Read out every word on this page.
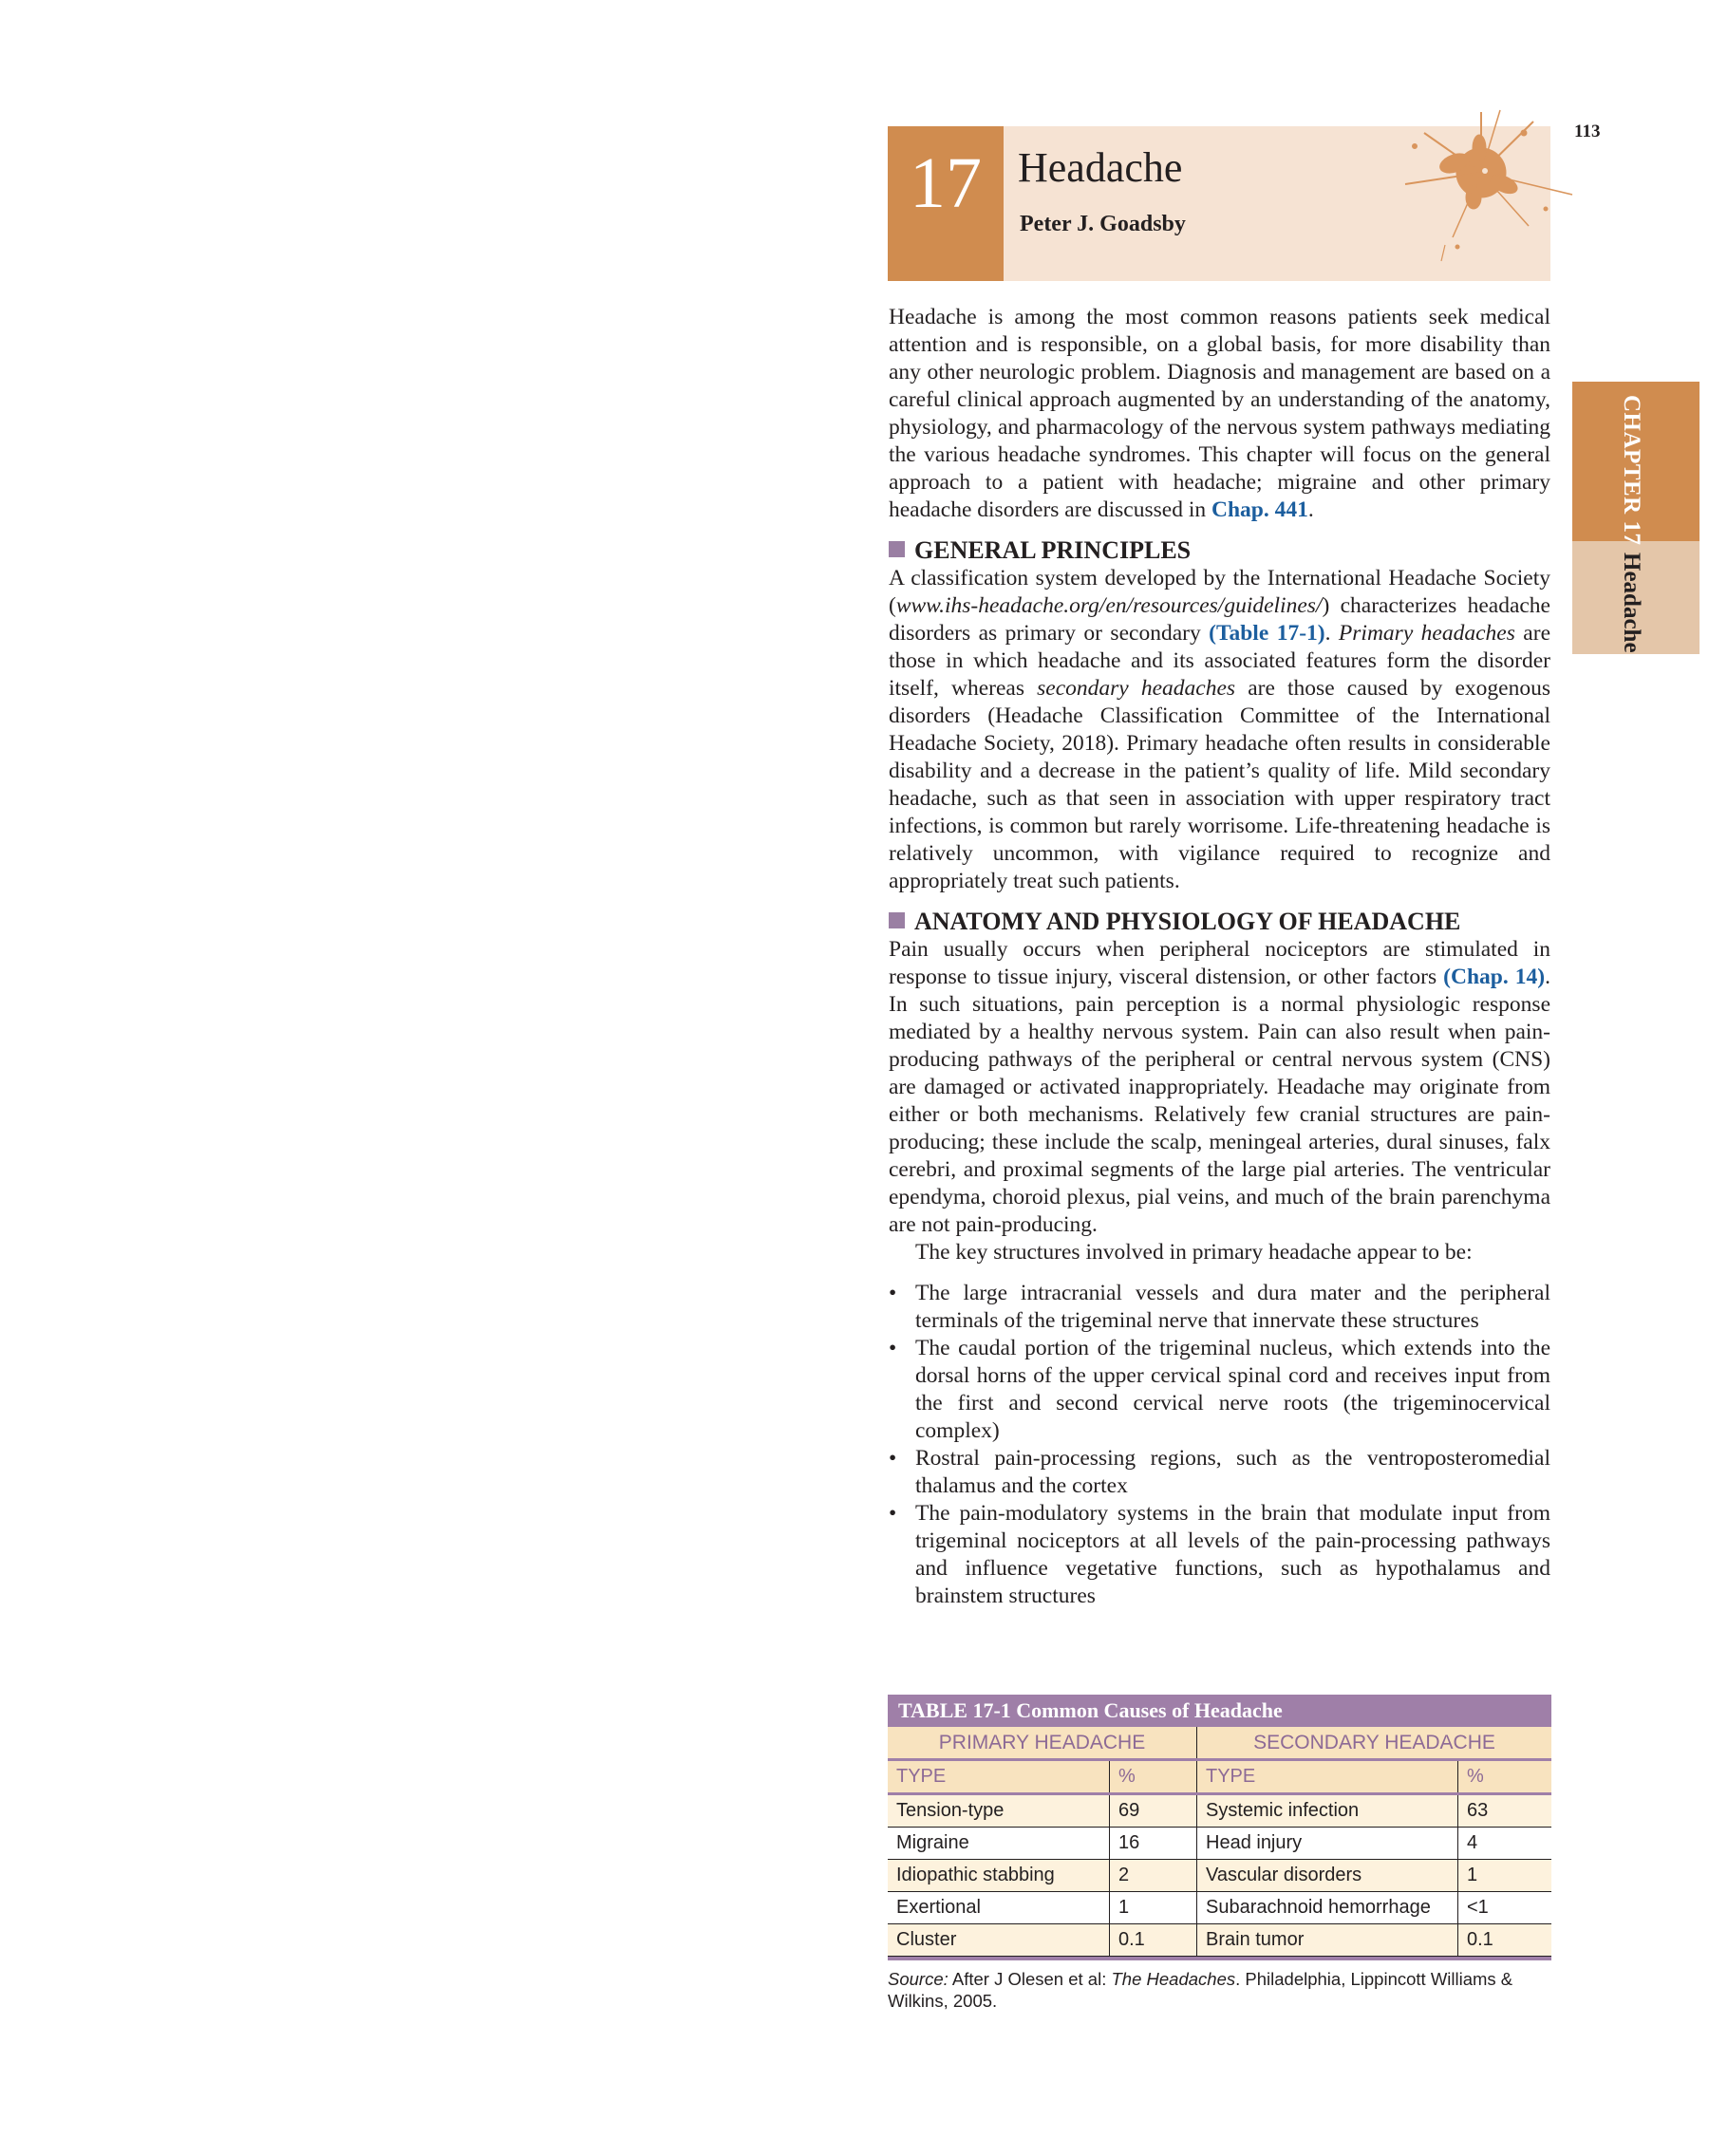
113
17 Headache
Peter J. Goadsby
CHAPTER 17
Headache

Headache is among the most common reasons patients seek medical attention and is responsible, on a global basis, for more disability than any other neurologic problem. Diagnosis and management are based on a careful clinical approach augmented by an understanding of the anatomy, physiology, and pharmacology of the nervous system pathways mediating the various headache syndromes. This chapter will focus on the general approach to a patient with headache; migraine and other primary headache disorders are discussed in Chap. 441.

GENERAL PRINCIPLES

A classification system developed by the International Headache Society (www.ihs-headache.org/en/resources/guidelines/) characterizes headache disorders as primary or secondary (Table 17-1). Primary headaches are those in which headache and its associated features form the disorder itself, whereas secondary headaches are those caused by exogenous disorders (Headache Classification Committee of the International Headache Society, 2018). Primary headache often results in considerable disability and a decrease in the patient’s quality of life. Mild secondary headache, such as that seen in association with upper respiratory tract infections, is common but rarely worrisome. Life-threatening headache is relatively uncommon, with vigilance required to recognize and appropriately treat such patients.

ANATOMY AND PHYSIOLOGY OF HEADACHE

Pain usually occurs when peripheral nociceptors are stimulated in response to tissue injury, visceral distension, or other factors (Chap. 14). In such situations, pain perception is a normal physiologic response mediated by a healthy nervous system. Pain can also result when pain-producing pathways of the peripheral or central nervous system (CNS) are damaged or activated inappropriately. Headache may originate from either or both mechanisms. Relatively few cranial structures are pain-producing; these include the scalp, meningeal arteries, dural sinuses, falx cerebri, and proximal segments of the large pial arteries. The ventricular ependyma, choroid plexus, pial veins, and much of the brain parenchyma are not pain-producing.

The key structures involved in primary headache appear to be:

• The large intracranial vessels and dura mater and the peripheral terminals of the trigeminal nerve that innervate these structures
• The caudal portion of the trigeminal nucleus, which extends into the dorsal horns of the upper cervical spinal cord and receives input from the first and second cervical nerve roots (the trigeminocervical complex)
• Rostral pain-processing regions, such as the ventroposteromedial thalamus and the cortex
• The pain-modulatory systems in the brain that modulate input from trigeminal nociceptors at all levels of the pain-processing pathways and influence vegetative functions, such as hypothalamus and brainstem structures
TABLE 17-1 Common Causes of Headache
PRIMARY HEADACHE	SECONDARY HEADACHE
TYPE	%	TYPE	%
Tension-type	69	Systemic infection	63
Migraine	16	Head injury	4
Idiopathic stabbing	2	Vascular disorders	1
Exertional	1	Subarachnoid hemorrhage	<1
Cluster	0.1	Brain tumor	0.1
Source: After J Olesen et al: The Headaches. Philadelphia, Lippincott Williams & Wilkins, 2005.
